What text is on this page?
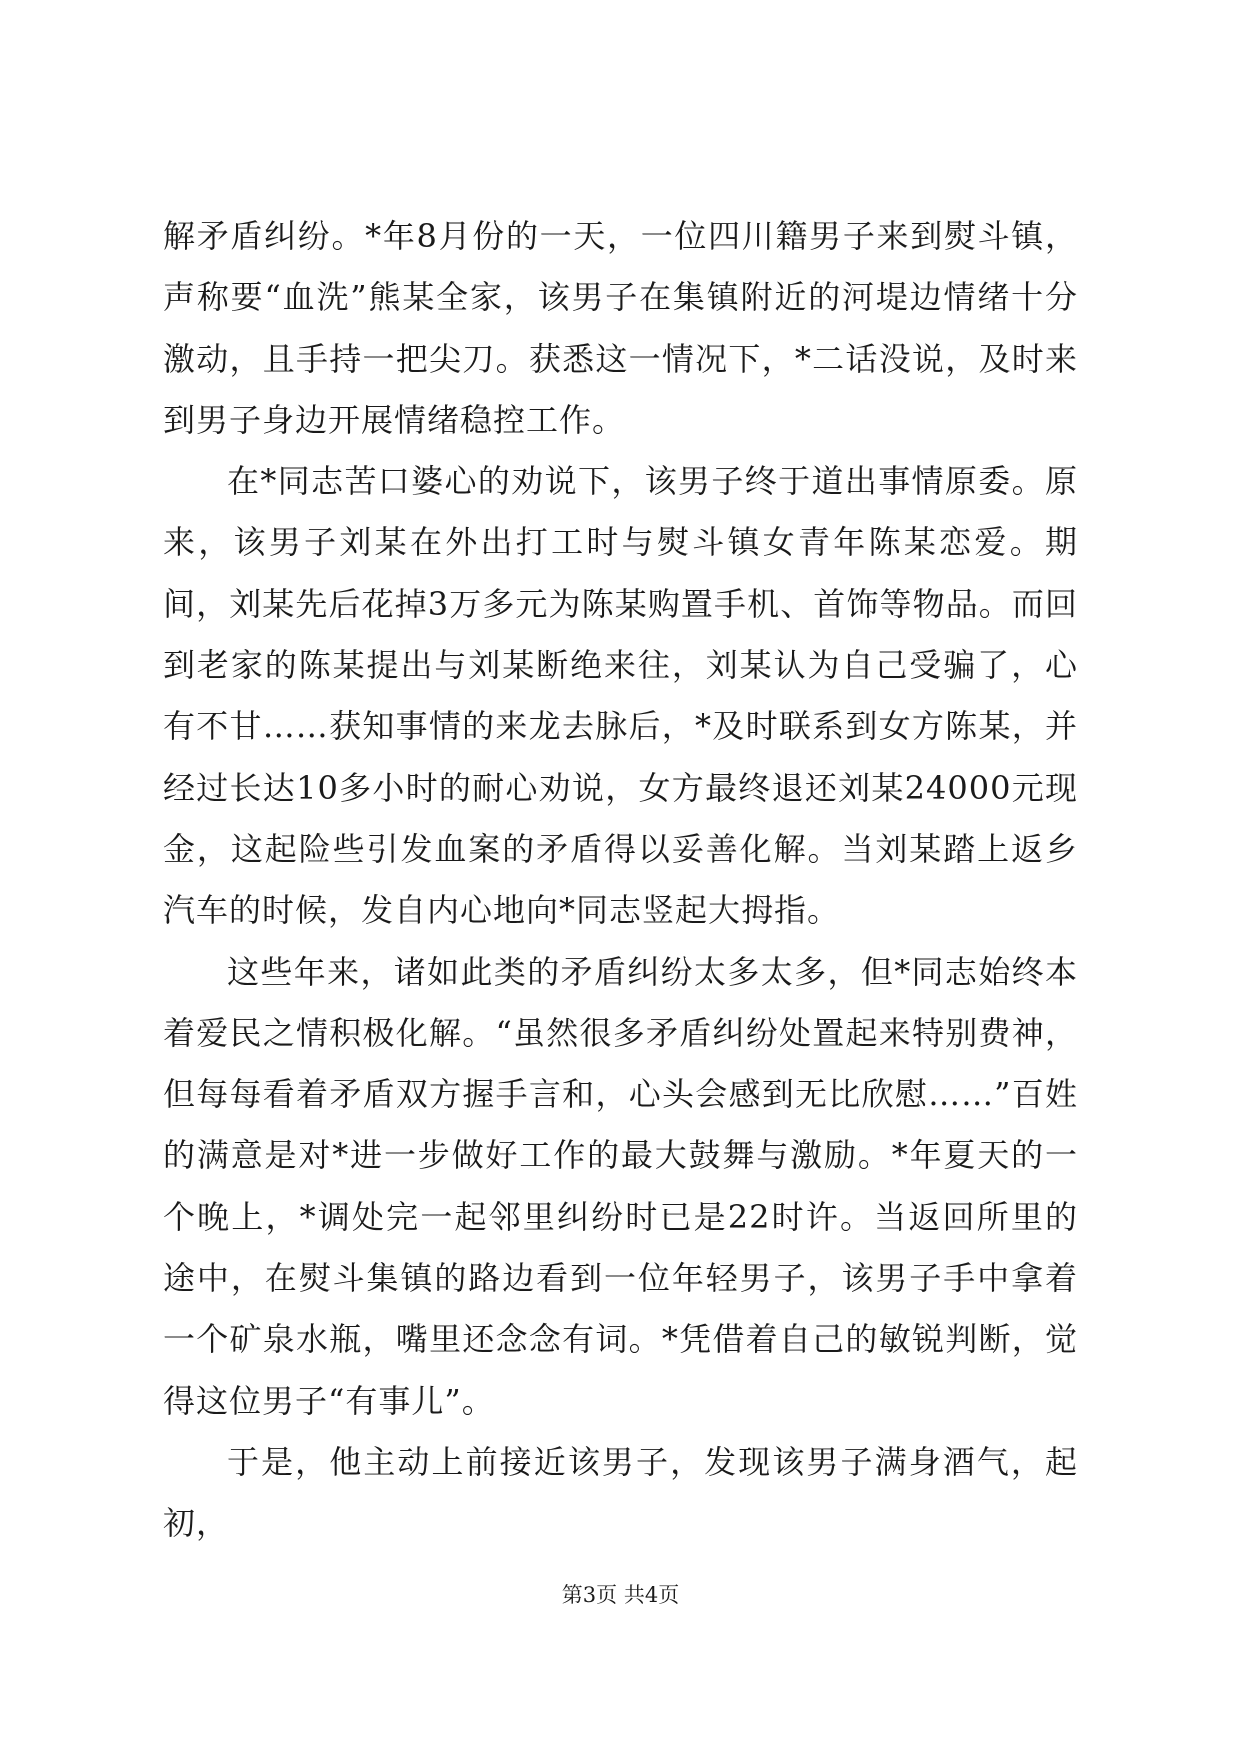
解矛盾纠纷。*年8月份的一天，一位四川籍男子来到熨斗镇，声称要“血洗”熊某全家，该男子在集镇附近的河堤边情绪十分激动，且手持一把尖刀。获悉这一情况下，*二话没说，及时来到男子身边开展情绪稳控工作。

在*同志苦口婆心的劝说下，该男子终于道出事情原委。原来，该男子刘某在外出打工时与熨斗镇女青年陈某恋爱。期间，刘某先后花掉3万多元为陈某购置手机、首饰等物品。而回到老家的陈某提出与刘某断绝来往，刘某认为自己受骗了，心有不甘……获知事情的来龙去脉后，*及时联系到女方陈某，并经过长达10多小时的耐心劝说，女方最终退还刘某24000元现金，这起险些引发血案的矛盾得以妥善化解。当刘某踏上返乡汽车的时候，发自内心地向*同志竖起大拇指。

这些年来，诸如此类的矛盾纠纷太多太多，但*同志始终本着爱民之情积极化解。“虽然很多矛盾纠纷处置起来特别费神，但每每看着矛盾双方握手言和，心头会感到无比欣慰……”百姓的满意是对*进一步做好工作的最大鼓舞与激励。*年夏天的一个晚上，*调处完一起邻里纠纷时已是22时许。当返回所里的途中，在熨斗集镇的路边看到一位年轻男子，该男子手中拿着一个矿泉水瓶，嘴里还念念有词。*凭借着自己的敏锐判断，觉得这位男子“有事儿”。

于是，他主动上前接近该男子，发现该男子满身酒气，起初，

第3页 共4页
